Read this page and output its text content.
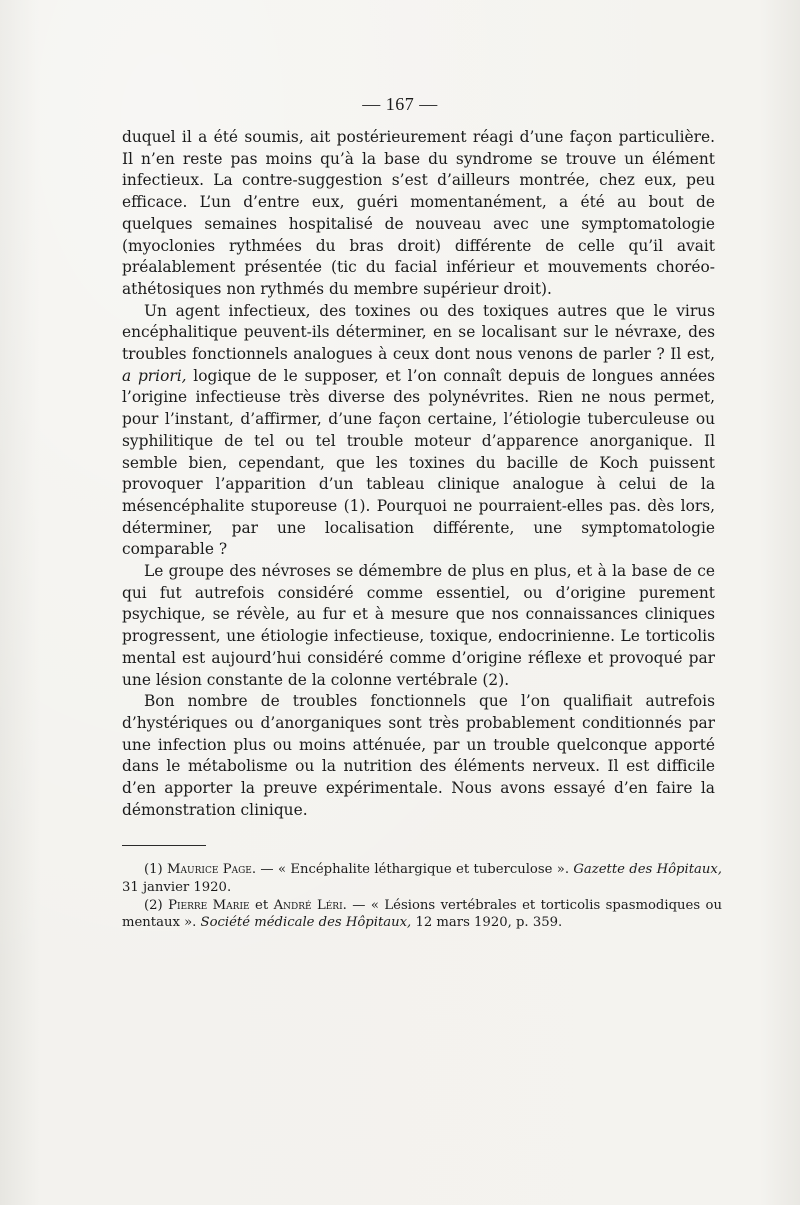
— 167 —

duquel il a été soumis, ait postérieurement réagi d’une façon particulière. Il n’en reste pas moins qu’à la base du syndrome se trouve un élément infectieux. La contre-suggestion s’est d’ailleurs montrée, chez eux, peu efficace. L’un d’entre eux, guéri momentanément, a été au bout de quelques semaines hospitalisé de nouveau avec une symptomatologie (myoclonies rythmées du bras droit) différente de celle qu’il avait préalablement présentée (tic du facial inférieur et mouvements choréo-athétosiques non rythmés du membre supérieur droit).

Un agent infectieux, des toxines ou des toxiques autres que le virus encéphalitique peuvent-ils déterminer, en se localisant sur le névraxe, des troubles fonctionnels analogues à ceux dont nous venons de parler ? Il est, a priori, logique de le supposer, et l’on connaît depuis de longues années l’origine infectieuse très diverse des polynévrites. Rien ne nous permet, pour l’instant, d’affirmer, d’une façon certaine, l’étiologie tuberculeuse ou syphilitique de tel ou tel trouble moteur d’apparence anorganique. Il semble bien, cependant, que les toxines du bacille de Koch puissent provoquer l’apparition d’un tableau clinique analogue à celui de la mésencéphalite stuporeuse (1). Pourquoi ne pourraient-elles pas. dès lors, déterminer, par une localisation différente, une symptomatologie comparable ?

Le groupe des névroses se démembre de plus en plus, et à la base de ce qui fut autrefois considéré comme essentiel, ou d’origine purement psychique, se révèle, au fur et à mesure que nos connaissances cliniques progressent, une étiologie infectieuse, toxique, endocrinienne. Le torticolis mental est aujourd’hui considéré comme d’origine réflexe et provoqué par une lésion constante de la colonne vertébrale (2).

Bon nombre de troubles fonctionnels que l’on qualifiait autrefois d’hystériques ou d’anorganiques sont très probablement conditionnés par une infection plus ou moins atténuée, par un trouble quelconque apporté dans le métabolisme ou la nutrition des éléments nerveux. Il est difficile d’en apporter la preuve expérimentale. Nous avons essayé d’en faire la démonstration clinique.

(1) Maurice Page. — « Encéphalite léthargique et tuberculose ». Gazette des Hôpitaux, 31 janvier 1920.

(2) Pierre Marie et André Léri. — « Lésions vertébrales et torticolis spasmodiques ou mentaux ». Société médicale des Hôpitaux, 12 mars 1920, p. 359.
